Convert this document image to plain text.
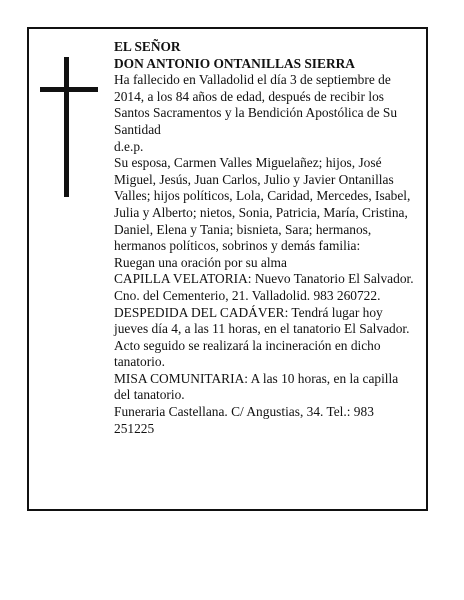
EL SEÑOR

DON ANTONIO ONTANILLAS SIERRA

Ha fallecido en Valladolid el día 3 de septiembre de 2014, a los 84 años de edad, después de recibir los Santos Sacramentos y la Bendición Apostólica de Su Santidad

d.e.p.

Su esposa, Carmen Valles Miguelañez; hijos, José Miguel, Jesús, Juan Carlos, Julio y Javier Ontanillas Valles; hijos políticos, Lola, Caridad, Mercedes, Isabel, Julia y Alberto; nietos, Sonia, Patricia, María, Cristina, Daniel, Elena y Tania; bisnieta, Sara; hermanos, hermanos políticos, sobrinos y demás familia:

Ruegan una oración por su alma

CAPILLA VELATORIA: Nuevo Tanatorio El Salvador. Cno. del Cementerio, 21. Valladolid. 983 260722.

DESPEDIDA DEL CADÁVER: Tendrá lugar hoy jueves día 4, a las 11 horas, en el tanatorio El Salvador. Acto seguido se realizará la incineración en dicho tanatorio.

MISA COMUNITARIA: A las 10 horas, en la capilla del tanatorio.

Funeraria Castellana. C/ Angustias, 34. Tel.: 983 251225
